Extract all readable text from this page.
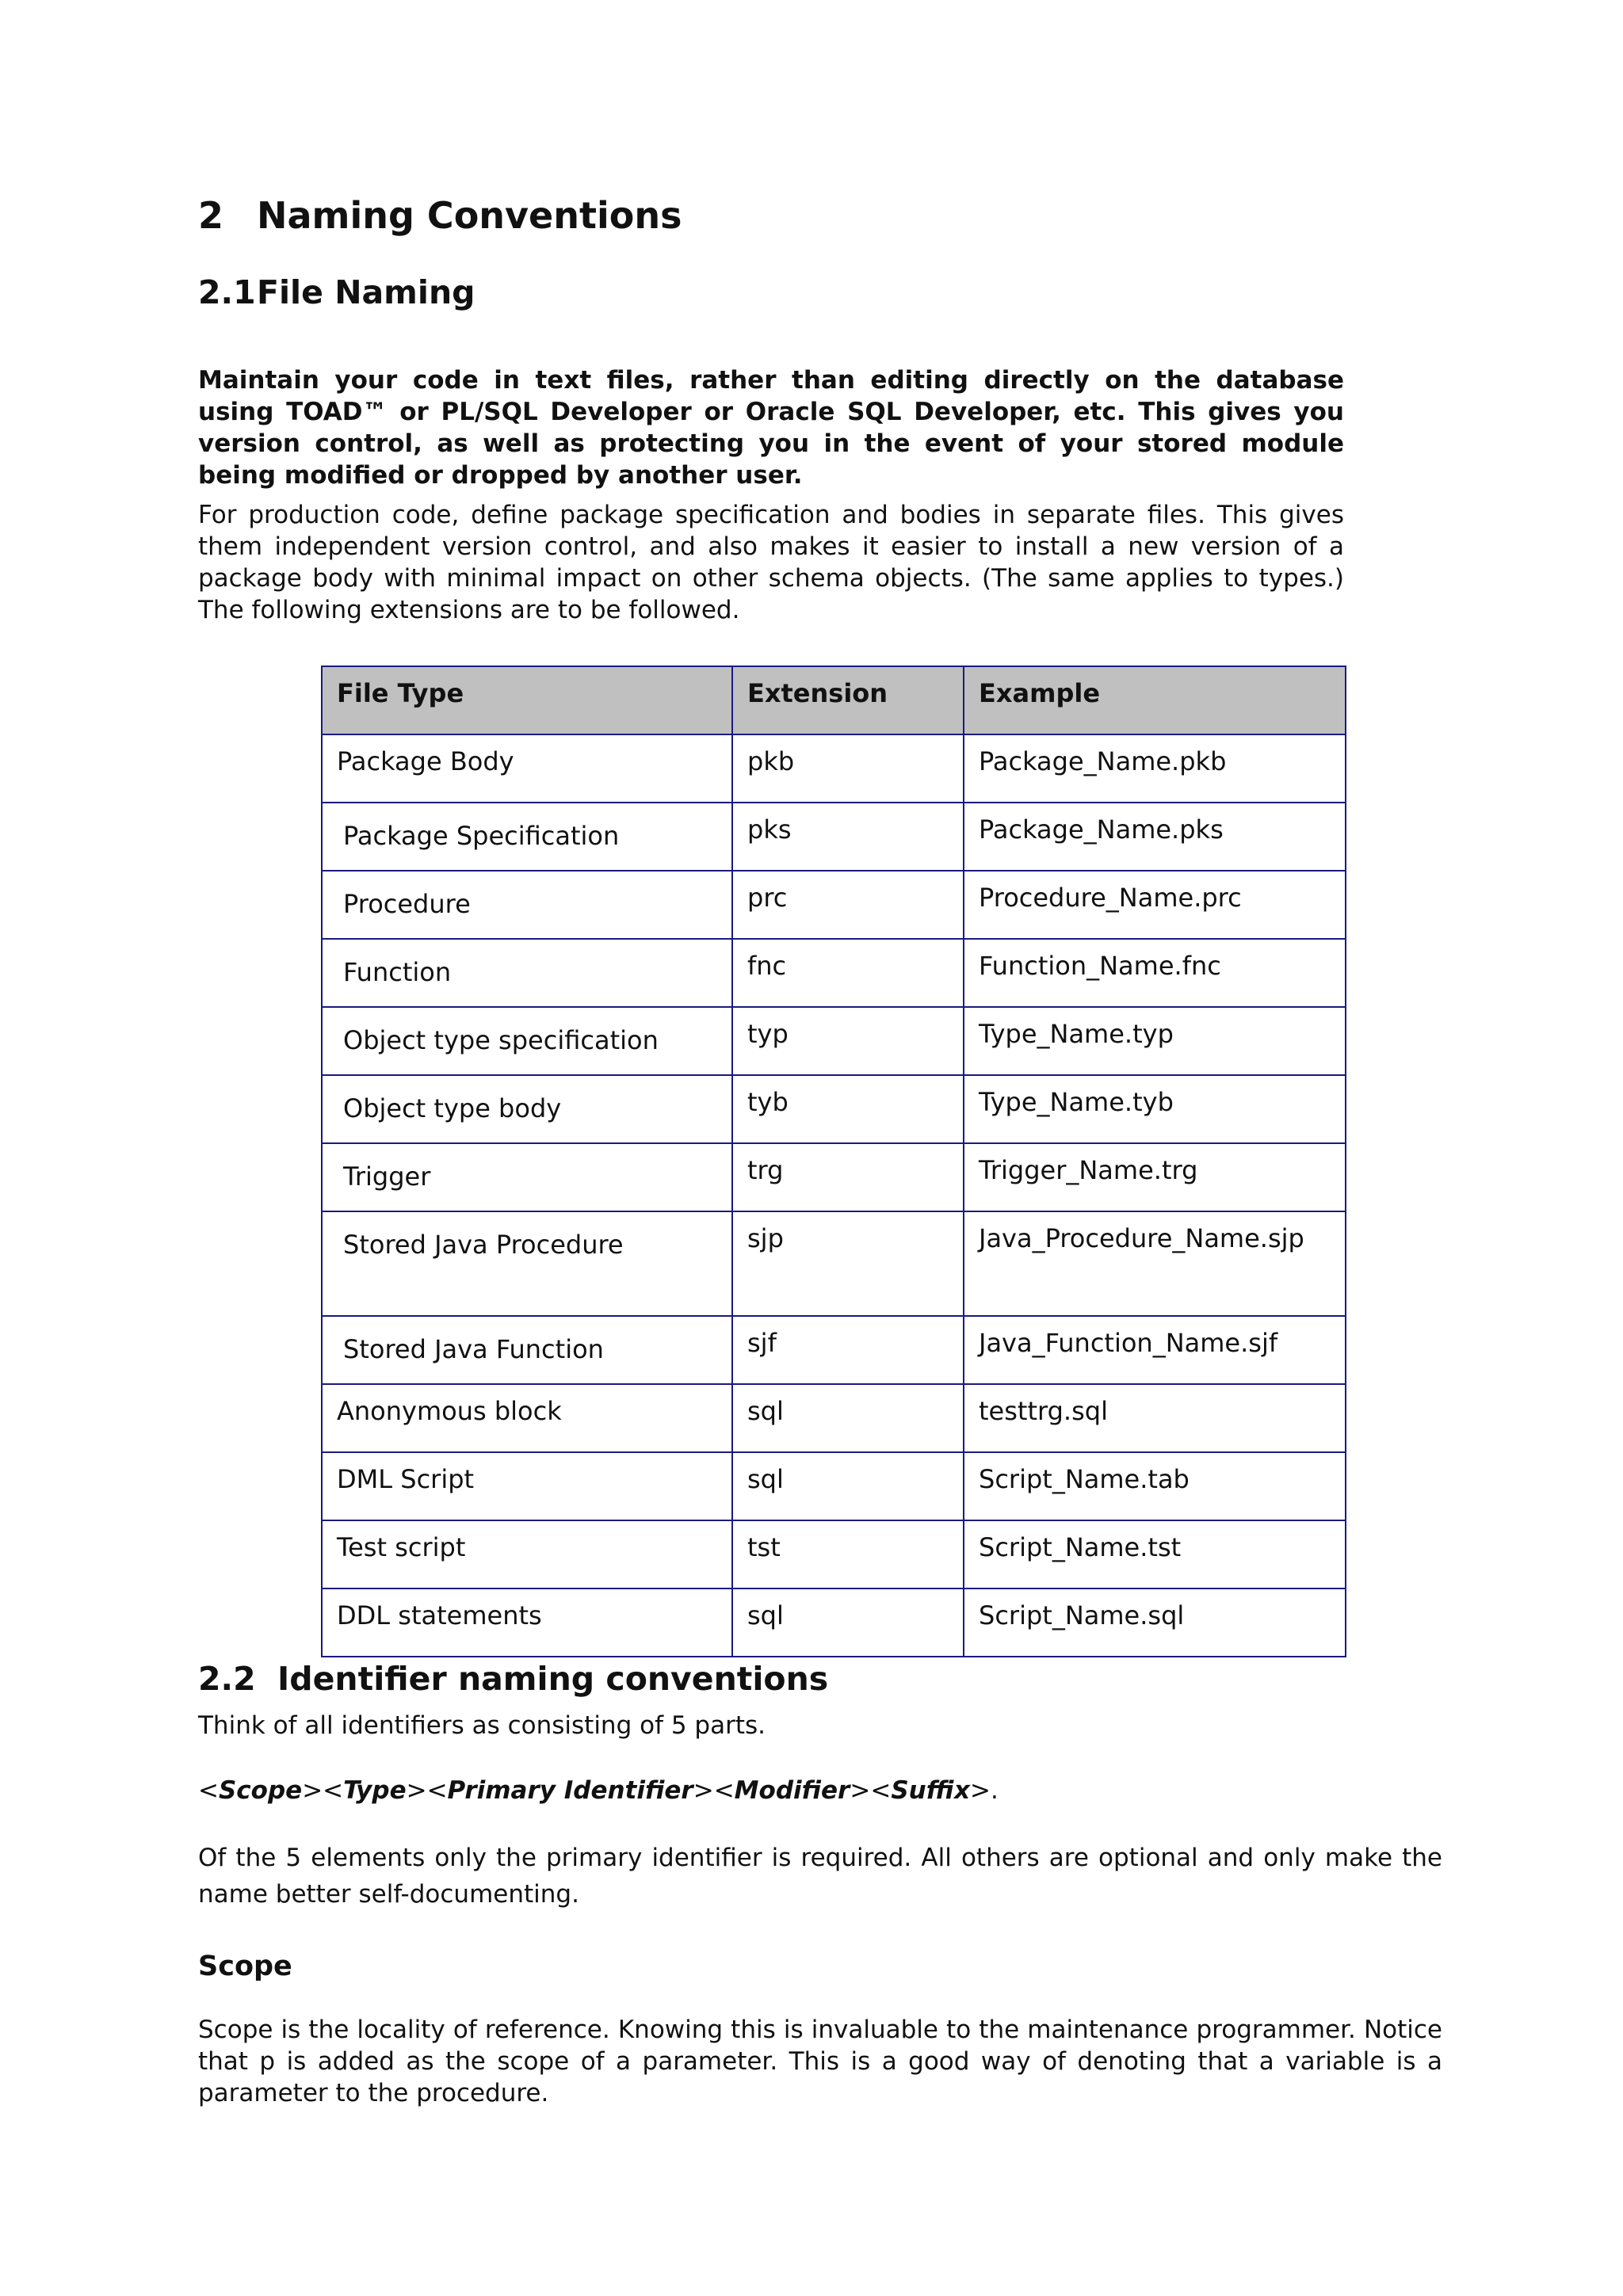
2 Naming Conventions
2.1File Naming

Maintain your code in text files, rather than editing directly on the database using TOAD™ or PL/SQL Developer or Oracle SQL Developer, etc. This gives you version control, as well as protecting you in the event of your stored module being modified or dropped by another user.

For production code, define package specification and bodies in separate files. This gives them independent version control, and also makes it easier to install a new version of a package body with minimal impact on other schema objects. (The same applies to types.) The following extensions are to be followed.

File Type	Extension	Example
Package Body	pkb	Package_Name.pkb
Package Specification	pks	Package_Name.pks
Procedure	prc	Procedure_Name.prc
Function	fnc	Function_Name.fnc
Object type specification	typ	Type_Name.typ
Object type body	tyb	Type_Name.tyb
Trigger	trg	Trigger_Name.trg
Stored Java Procedure	sjp	Java_Procedure_Name.sjp
Stored Java Function	sjf	Java_Function_Name.sjf
Anonymous block	sql	testtrg.sql
DML Script	sql	Script_Name.tab
Test script	tst	Script_Name.tst
DDL statements	sql	Script_Name.sql
2.2 Identifier naming conventions

Think of all identifiers as consisting of 5 parts.

<Scope><Type><Primary Identifier><Modifier><Suffix>.

Of the 5 elements only the primary identifier is required. All others are optional and only make the name better self-documenting.

Scope

Scope is the locality of reference. Knowing this is invaluable to the maintenance programmer. Notice that p is added as the scope of a parameter. This is a good way of denoting that a variable is a parameter to the procedure.
